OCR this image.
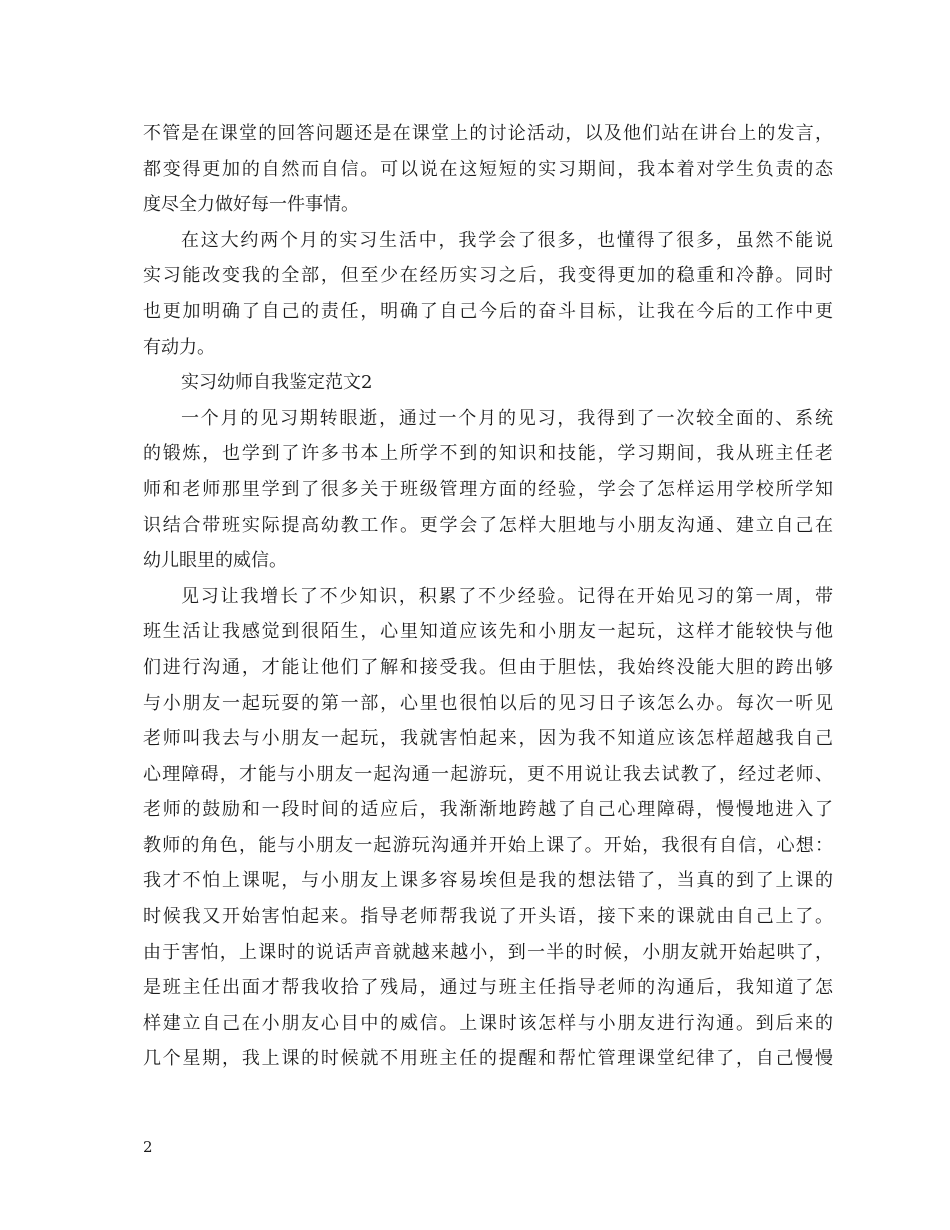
不管是在课堂的回答问题还是在课堂上的讨论活动，以及他们站在讲台上的发言，
都变得更加的自然而自信。可以说在这短短的实习期间，我本着对学生负责的态
度尽全力做好每一件事情。
在这大约两个月的实习生活中，我学会了很多，也懂得了很多，虽然不能说
实习能改变我的全部，但至少在经历实习之后，我变得更加的稳重和冷静。同时
也更加明确了自己的责任，明确了自己今后的奋斗目标，让我在今后的工作中更
有动力。
实习幼师自我鉴定范文2
一个月的见习期转眼逝，通过一个月的见习，我得到了一次较全面的、系统
的锻炼，也学到了许多书本上所学不到的知识和技能，学习期间，我从班主任老
师和老师那里学到了很多关于班级管理方面的经验，学会了怎样运用学校所学知
识结合带班实际提高幼教工作。更学会了怎样大胆地与小朋友沟通、建立自己在
幼儿眼里的威信。
见习让我增长了不少知识，积累了不少经验。记得在开始见习的第一周，带
班生活让我感觉到很陌生，心里知道应该先和小朋友一起玩，这样才能较快与他
们进行沟通，才能让他们了解和接受我。但由于胆怯，我始终没能大胆的跨出够
与小朋友一起玩耍的第一部，心里也很怕以后的见习日子该怎么办。每次一听见
老师叫我去与小朋友一起玩，我就害怕起来，因为我不知道应该怎样超越我自己
心理障碍，才能与小朋友一起沟通一起游玩，更不用说让我去试教了，经过老师、
老师的鼓励和一段时间的适应后，我渐渐地跨越了自己心理障碍，慢慢地进入了
教师的角色，能与小朋友一起游玩沟通并开始上课了。开始，我很有自信，心想：
我才不怕上课呢，与小朋友上课多容易埃但是我的想法错了，当真的到了上课的
时候我又开始害怕起来。指导老师帮我说了开头语，接下来的课就由自己上了。
由于害怕，上课时的说话声音就越来越小，到一半的时候，小朋友就开始起哄了，
是班主任出面才帮我收拾了残局，通过与班主任指导老师的沟通后，我知道了怎
样建立自己在小朋友心目中的威信。上课时该怎样与小朋友进行沟通。到后来的
几个星期，我上课的时候就不用班主任的提醒和帮忙管理课堂纪律了，自己慢慢
2
